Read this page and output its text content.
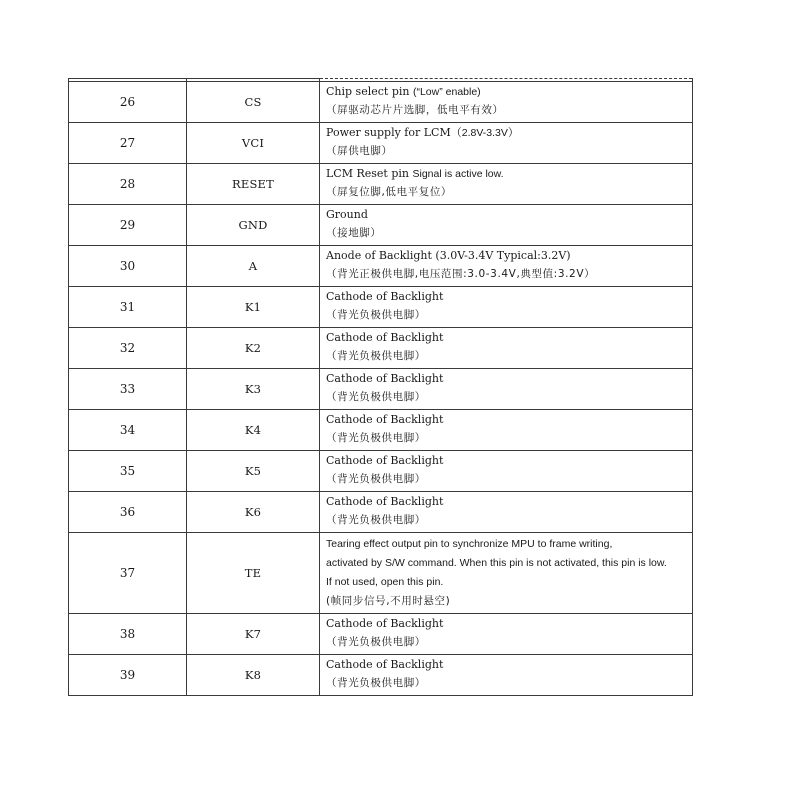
26	CS	Chip select pin (“Low” enable)
（屏驱动芯片片选脚，低电平有效）

27	VCI	Power supply for LCM（2.8V-3.3V）
（屏供电脚）

28	RESET	LCM Reset pin Signal is active low.
（屏复位脚,低电平复位）

29	GND	Ground
（接地脚）

30	A	Anode of Backlight (3.0V-3.4V Typical:3.2V)
（背光正极供电脚,电压范围:3.0-3.4V,典型值:3.2V）

31	K1	Cathode of Backlight
（背光负极供电脚）

32	K2	Cathode of Backlight
（背光负极供电脚）

33	K3	Cathode of Backlight
（背光负极供电脚）

34	K4	Cathode of Backlight
（背光负极供电脚）

35	K5	Cathode of Backlight
（背光负极供电脚）

36	K6	Cathode of Backlight
（背光负极供电脚）

37	TE	Tearing effect output pin to synchronize MPU to frame writing,
activated by S/W command. When this pin is not activated, this pin is low.
If not used, open this pin.
(帧同步信号,不用时悬空)

38	K7	Cathode of Backlight
（背光负极供电脚）

39	K8	Cathode of Backlight
（背光负极供电脚）
